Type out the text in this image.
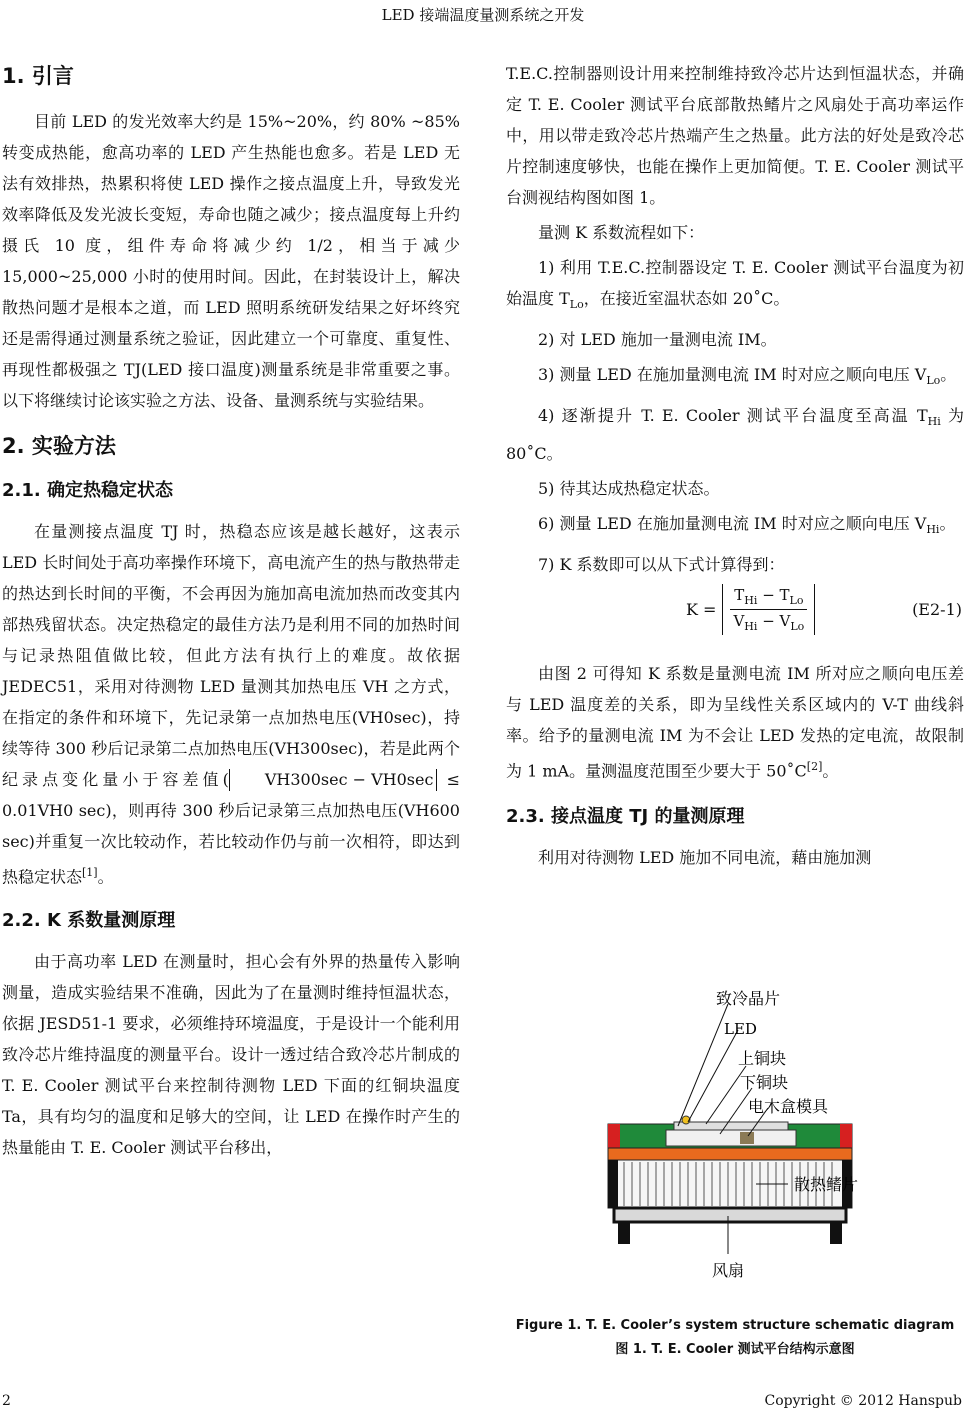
LED 接端温度量测系统之开发
1. 引言

目前 LED 的发光效率大约是 15%~20%，约 80% ~85%转变成热能，愈高功率的 LED 产生热能也愈多。若是 LED 无法有效排热，热累积将使 LED 操作之接点温度上升，导致发光效率降低及发光波长变短，寿命也随之减少；接点温度每上升约摄氏 10 度，组件寿命将减少约 1/2，相当于减少 15,000~25,000 小时的使用时间。因此，在封装设计上，解决散热问题才是根本之道，而 LED 照明系统研发结果之好坏终究还是需得通过测量系统之验证，因此建立一个可靠度、重复性、再现性都极强之 TJ(LED 接口温度)测量系统是非常重要之事。以下将继续讨论该实验之方法、设备、量测系统与实验结果。

2. 实验方法
2.1. 确定热稳定状态

在量测接点温度 TJ 时，热稳态应该是越长越好，这表示 LED 长时间处于高功率操作环境下，高电流产生的热与散热带走的热达到长时间的平衡，不会再因为施加高电流加热而改变其内部热残留状态。决定热稳定的最佳方法乃是利用不同的加热时间与记录热阻值做比较，但此方法有执行上的难度。故依据 JEDEC51，采用对待测物 LED 量测其加热电压 VH 之方式，在指定的条件和环境下，先记录第一点加热电压(VH0sec)，持续等待 300 秒后记录第二点加热电压(VH300sec)，若是此两个纪录点变化量小于容差值( VH300sec − VH0sec ≤ 0.01VH0 sec)，则再待 300 秒后记录第三点加热电压(VH600 sec)并重复一次比较动作，若比较动作仍与前一次相符，即达到热稳定状态[1]。

2.2. K 系数量测原理

由于高功率 LED 在测量时，担心会有外界的热量传入影响测量，造成实验结果不准确，因此为了在量测时维持恒温状态，依据 JESD51-1 要求，必须维持环境温度，于是设计一个能利用致冷芯片维持温度的测量平台。设计一透过结合致冷芯片制成的 T. E. Cooler 测试平台来控制待测物 LED 下面的红铜块温度 Ta，具有均匀的温度和足够大的空间，让 LED 在操作时产生的热量能由 T. E. Cooler 测试平台移出，

T.E.C.控制器则设计用来控制维持致冷芯片达到恒温状态，并确定 T. E. Cooler 测试平台底部散热鳍片之风扇处于高功率运作中，用以带走致冷芯片热端产生之热量。此方法的好处是致冷芯片控制速度够快，也能在操作上更加简便。T. E. Cooler 测试平台测视结构图如图 1。

量测 K 系数流程如下：

1) 利用 T.E.C.控制器设定 T. E. Cooler 测试平台温度为初始温度 $T_{Lo}$，在接近室温状态如 20˚C。

2) 对 LED 施加一量测电流 IM。

3) 测量 LED 在施加量测电流 IM 时对应之顺向电压 $V_{Lo}$。

4) 逐渐提升 T. E. Cooler 测试平台温度至高温 $T_{Hi}$ 为 80˚C。

5) 待其达成热稳定状态。

6) 测量 LED 在施加量测电流 IM 时对应之顺向电压 $V_{Hi}$。

7) K 系数即可以从下式计算得到：

K =
$T_{Hi} - T_{Lo}$
$V_{Hi} - V_{Lo}$
(E2-1)

由图 2 可得知 K 系数是量测电流 IM 所对应之顺向电压差与 LED 温度差的关系，即为呈线性关系区域内的 V-T 曲线斜率。给予的量测电流 IM 为不会让 LED 发热的定电流，故限制为 1 mA。量测温度范围至少要大于 50˚C[2]。

2.3. 接点温度 TJ 的量测原理

利用对待测物 LED 施加不同电流，藉由施加测

致冷晶片
LED
上铜块
下铜块
电木盒模具
散热鳍片
风扇
Figure 1. T. E. Cooler’s system structure schematic diagram
图 1. T. E. Cooler 测试平台结构示意图
2	Copyright © 2012 Hanspub
